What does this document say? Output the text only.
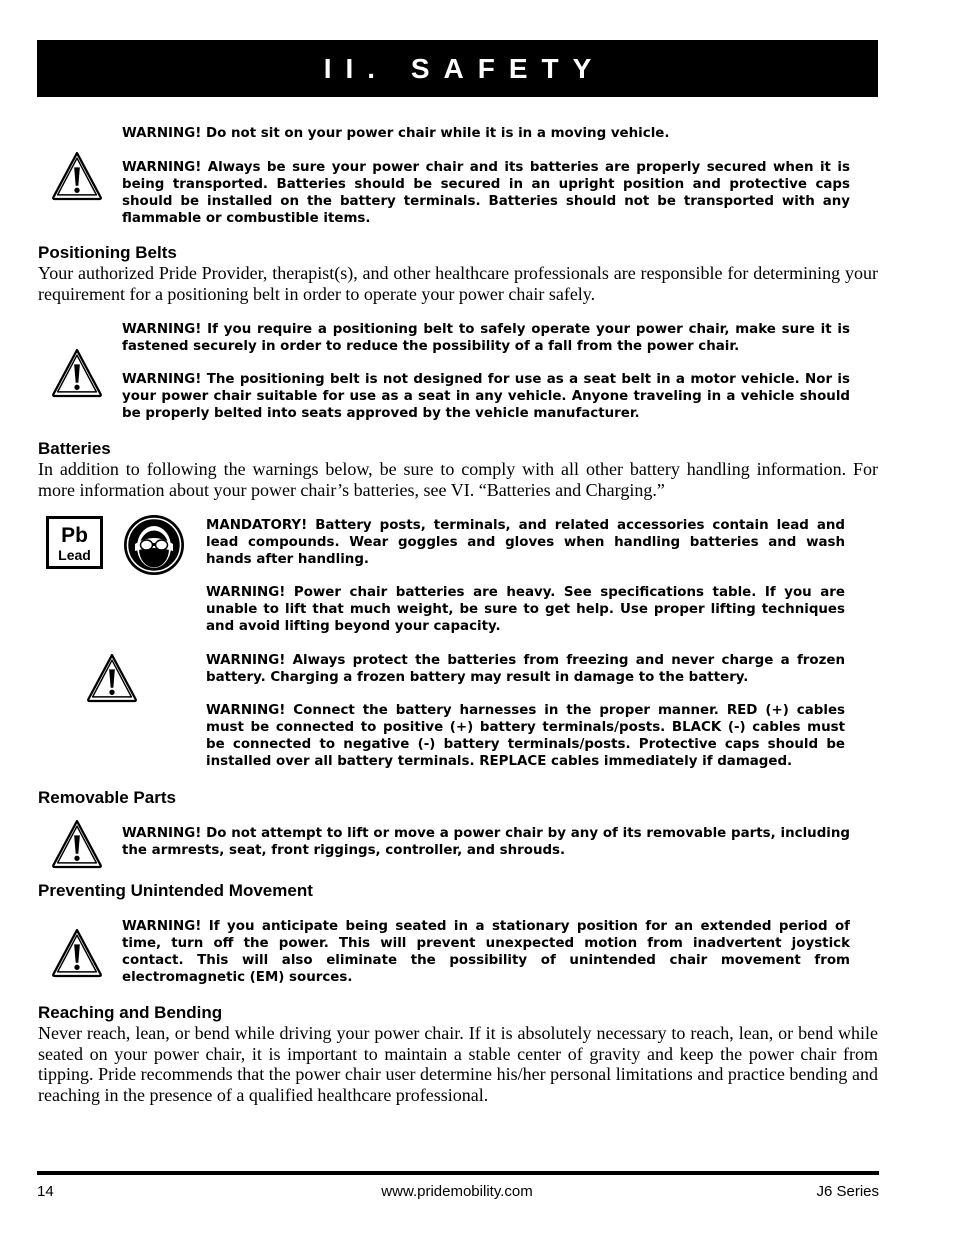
II. SAFETY

WARNING! Do not sit on your power chair while it is in a moving vehicle.

WARNING! Always be sure your power chair and its batteries are properly secured when it is being transported. Batteries should be secured in an upright position and protective caps should be installed on the battery terminals. Batteries should not be transported with any flammable or combustible items.

Positioning Belts

Your authorized Pride Provider, therapist(s), and other healthcare professionals are responsible for determining your requirement for a positioning belt in order to operate your power chair safely.

WARNING! If you require a positioning belt to safely operate your power chair, make sure it is fastened securely in order to reduce the possibility of a fall from the power chair.

WARNING! The positioning belt is not designed for use as a seat belt in a motor vehicle. Nor is your power chair suitable for use as a seat in any vehicle. Anyone traveling in a vehicle should be properly belted into seats approved by the vehicle manufacturer.

Batteries

In addition to following the warnings below, be sure to comply with all other battery handling information. For more information about your power chair’s batteries, see VI. “Batteries and Charging.”

Pb
Lead

MANDATORY! Battery posts, terminals, and related accessories contain lead and lead compounds. Wear goggles and gloves when handling batteries and wash hands after handling.

WARNING! Power chair batteries are heavy. See specifications table. If you are unable to lift that much weight, be sure to get help. Use proper lifting techniques and avoid lifting beyond your capacity.

WARNING! Always protect the batteries from freezing and never charge a frozen battery. Charging a frozen battery may result in damage to the battery.

WARNING! Connect the battery harnesses in the proper manner. RED (+) cables must be connected to positive (+) battery terminals/posts. BLACK (-) cables must be connected to negative (-) battery terminals/posts. Protective caps should be installed over all battery terminals. REPLACE cables immediately if damaged.

Removable Parts

WARNING! Do not attempt to lift or move a power chair by any of its removable parts, including the armrests, seat, front riggings, controller, and shrouds.

Preventing Unintended Movement

WARNING! If you anticipate being seated in a stationary position for an extended period of time, turn off the power. This will prevent unexpected motion from inadvertent joystick contact. This will also eliminate the possibility of unintended chair movement from electromagnetic (EM) sources.

Reaching and Bending

Never reach, lean, or bend while driving your power chair. If it is absolutely necessary to reach, lean, or bend while seated on your power chair, it is important to maintain a stable center of gravity and keep the power chair from tipping. Pride recommends that the power chair user determine his/her personal limitations and practice bending and reaching in the presence of a qualified healthcare professional.

14	www.pridemobility.com	J6 Series
